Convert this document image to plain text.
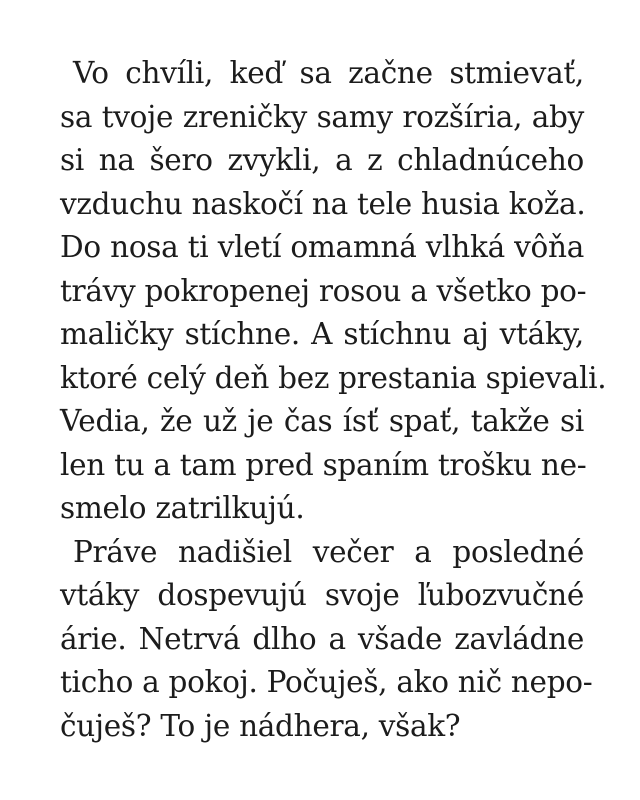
Vo chvíli, keď sa začne stmievať,
sa tvoje zreničky samy rozšíria, aby
si na šero zvykli, a z chladnúceho
vzduchu naskočí na tele husia koža.
Do nosa ti vletí omamná vlhká vôňa
trávy pokropenej rosou a všetko po-
maličky stíchne. A stíchnu aj vtáky,
ktoré celý deň bez prestania spievali.
Vedia, že už je čas ísť spať, takže si
len tu a tam pred spaním trošku ne-
smelo zatrilkujú.
Práve nadišiel večer a posledné
vtáky dospevujú svoje ľubozvučné
árie. Netrvá dlho a všade zavládne
ticho a pokoj. Počuješ, ako nič nepo-
čuješ? To je nádhera, však?
